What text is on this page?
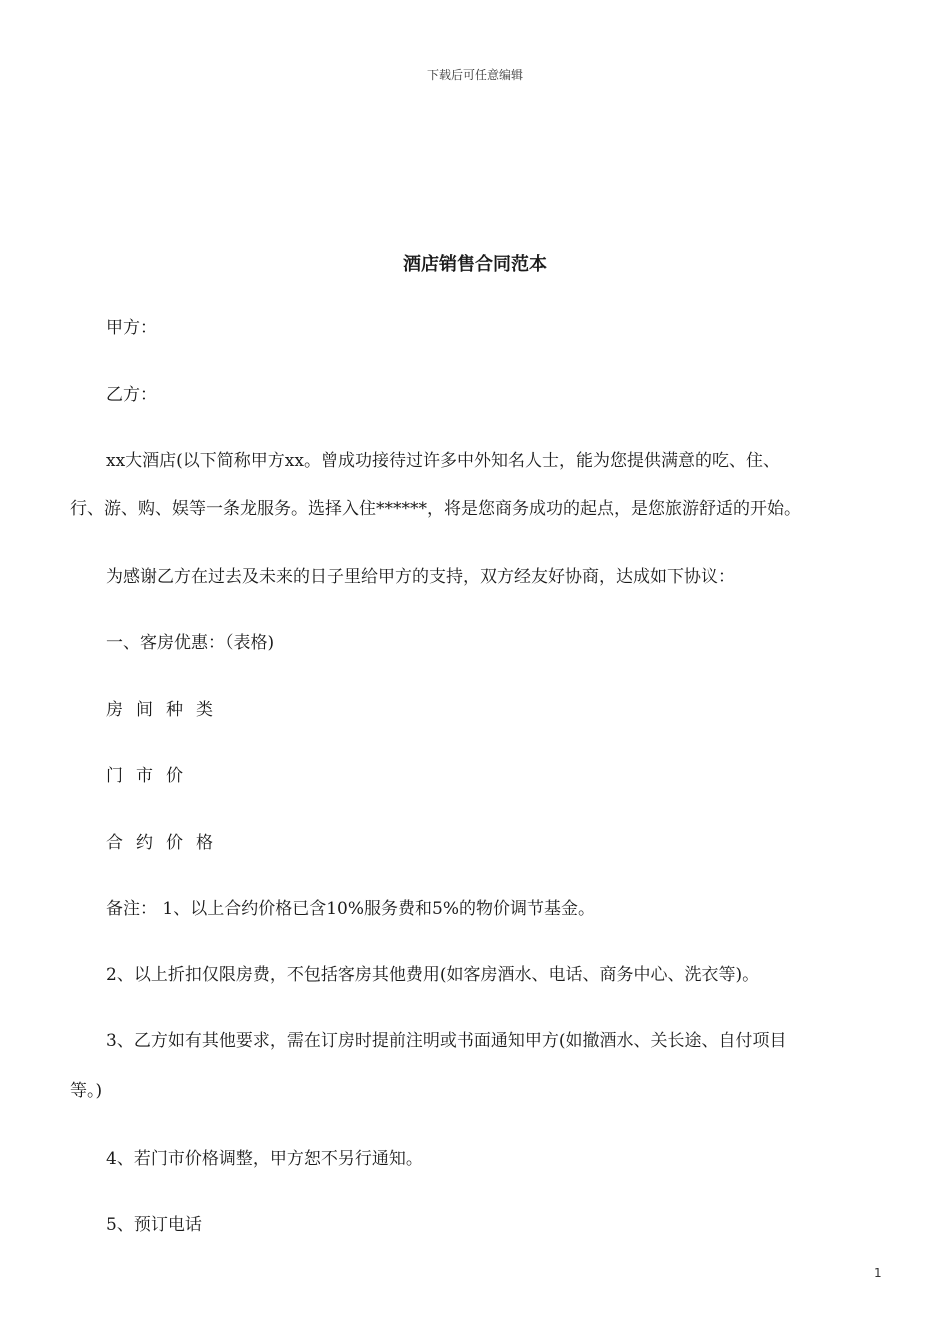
下载后可任意编辑
酒店销售合同范本
甲方：
乙方：
xx大酒店(以下简称甲方xx。曾成功接待过许多中外知名人士，能为您提供满意的吃、住、
行、游、购、娱等一条龙服务。选择入住******，将是您商务成功的起点，是您旅游舒适的开始。
为感谢乙方在过去及未来的日子里给甲方的支持，双方经友好协商，达成如下协议：
一、客房优惠：（表格)
房间种类
门市价
合约价格
备注： 1、以上合约价格已含10%服务费和5%的物价调节基金。
2、以上折扣仅限房费，不包括客房其他费用(如客房酒水、电话、商务中心、洗衣等)。
3、乙方如有其他要求，需在订房时提前注明或书面通知甲方(如撤酒水、关长途、自付项目
等。)
4、若门市价格调整，甲方恕不另行通知。
5、预订电话
1
